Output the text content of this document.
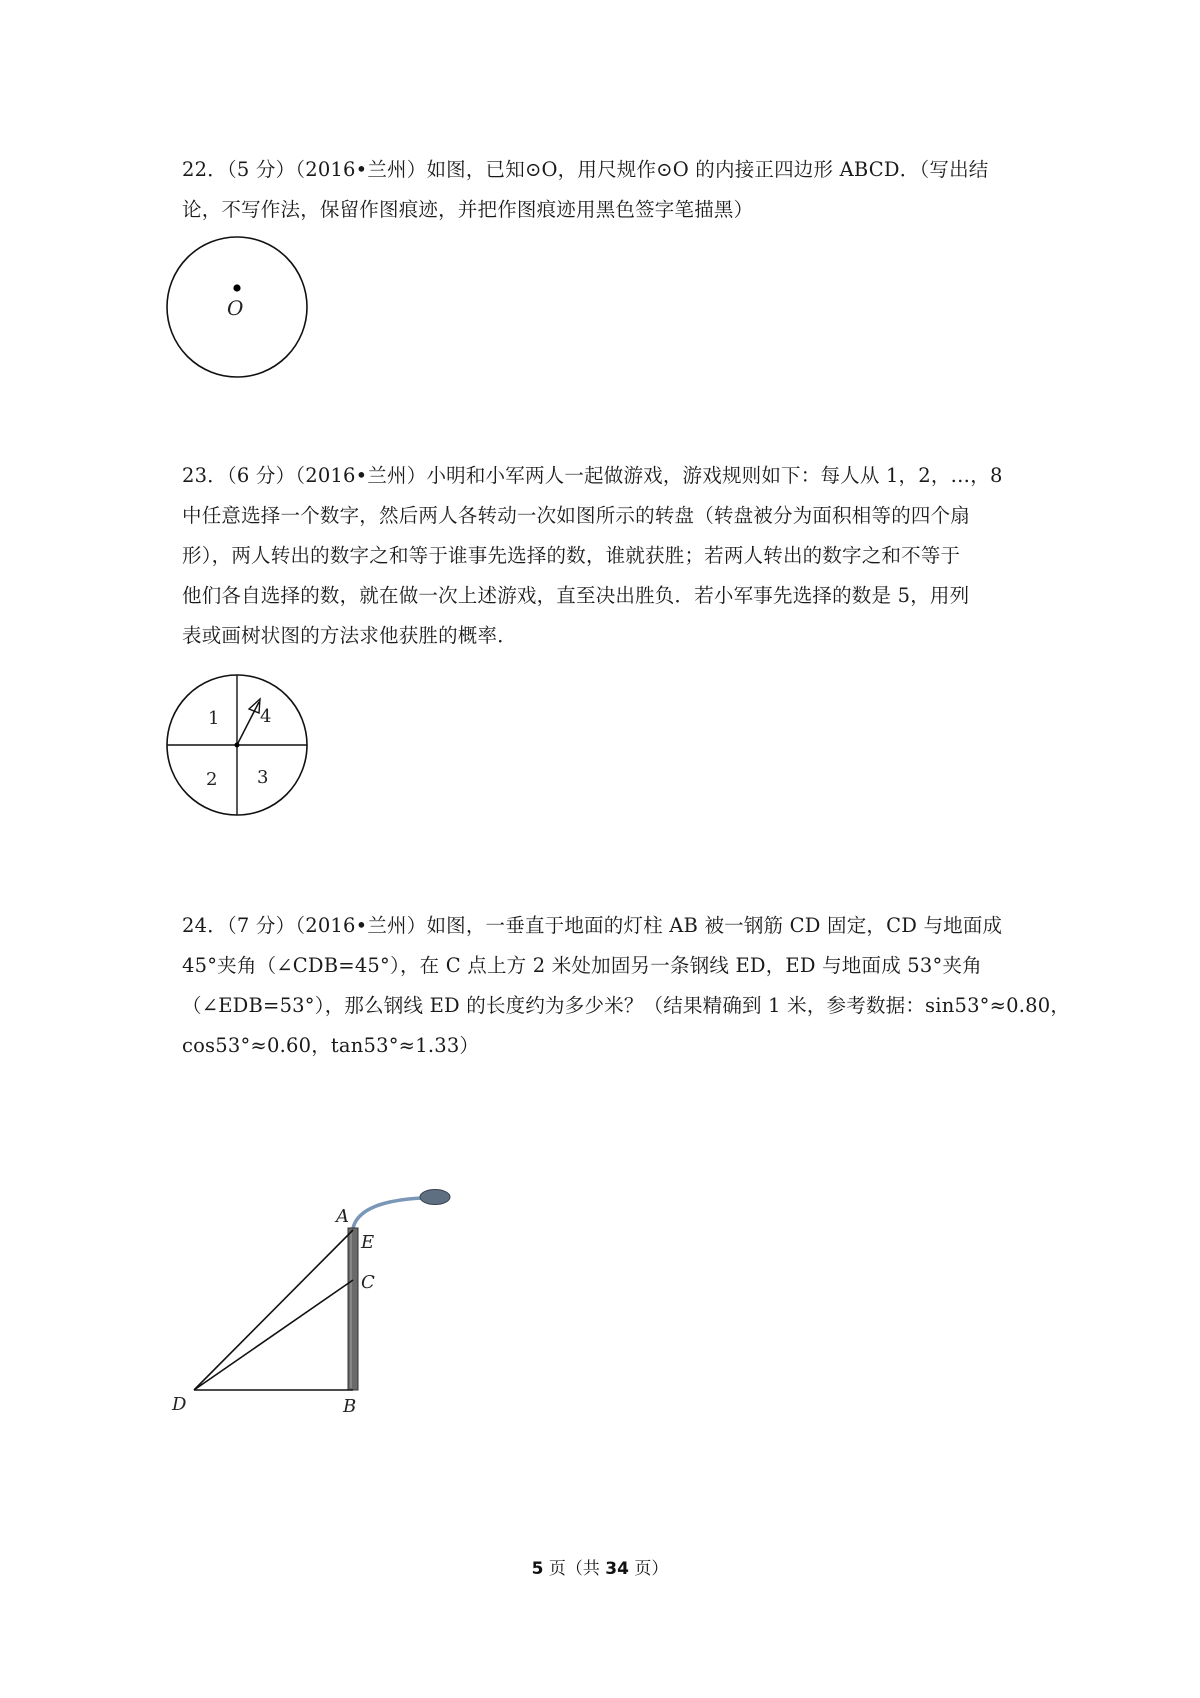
22．（5 分）（2016•兰州）如图，已知⊙O，用尺规作⊙O 的内接正四边形 ABCD．（写出结
论，不写作法，保留作图痕迹，并把作图痕迹用黑色签字笔描黑）
O
23．（6 分）（2016•兰州）小明和小军两人一起做游戏，游戏规则如下：每人从 1，2，…，8
中任意选择一个数字，然后两人各转动一次如图所示的转盘（转盘被分为面积相等的四个扇
形），两人转出的数字之和等于谁事先选择的数，谁就获胜；若两人转出的数字之和不等于
他们各自选择的数，就在做一次上述游戏，直至决出胜负．若小军事先选择的数是 5，用列
表或画树状图的方法求他获胜的概率．
1 4
2 3
24．（7 分）（2016•兰州）如图，一垂直于地面的灯柱 AB 被一钢筋 CD 固定，CD 与地面成
45°夹角（∠CDB=45°），在 C 点上方 2 米处加固另一条钢线 ED，ED 与地面成 53°夹角
（∠EDB=53°），那么钢线 ED 的长度约为多少米？（结果精确到 1 米，参考数据：sin53°≈0.80，
cos53°≈0.60，tan53°≈1.33）
A
E
C
D	B
5 页（共 34 页）
